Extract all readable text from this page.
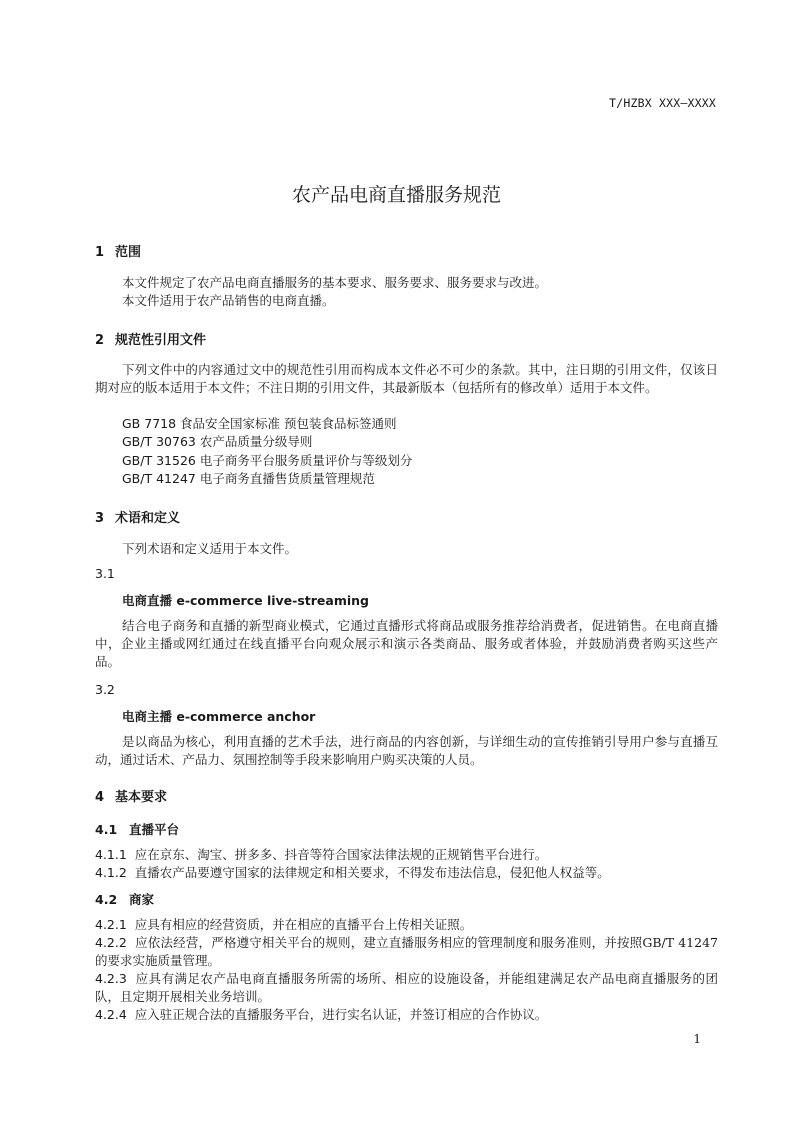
T/HZBX XXX—XXXX
农产品电商直播服务规范
1 范围
本文件规定了农产品电商直播服务的基本要求、服务要求、服务要求与改进。
本文件适用于农产品销售的电商直播。
2 规范性引用文件
下列文件中的内容通过文中的规范性引用而构成本文件必不可少的条款。其中，注日期的引用文件，仅该日期对应的版本适用于本文件；不注日期的引用文件，其最新版本（包括所有的修改单）适用于本文件。
GB 7718 食品安全国家标准 预包装食品标签通则
GB/T 30763 农产品质量分级导则
GB/T 31526 电子商务平台服务质量评价与等级划分
GB/T 41247 电子商务直播售货质量管理规范
3 术语和定义
下列术语和定义适用于本文件。
3.1
电商直播 e-commerce live-streaming
结合电子商务和直播的新型商业模式，它通过直播形式将商品或服务推荐给消费者，促进销售。在电商直播中，企业主播或网红通过在线直播平台向观众展示和演示各类商品、服务或者体验，并鼓励消费者购买这些产品。
3.2
电商主播 e-commerce anchor
是以商品为核心，利用直播的艺术手法，进行商品的内容创新，与详细生动的宣传推销引导用户参与直播互动，通过话术、产品力、氛围控制等手段来影响用户购买决策的人员。
4 基本要求
4.1 直播平台
4.1.1 应在京东、淘宝、拼多多、抖音等符合国家法律法规的正规销售平台进行。
4.1.2 直播农产品要遵守国家的法律规定和相关要求，不得发布违法信息，侵犯他人权益等。
4.2 商家
4.2.1 应具有相应的经营资质，并在相应的直播平台上传相关证照。
4.2.2 应依法经营，严格遵守相关平台的规则，建立直播服务相应的管理制度和服务准则，并按照GB/T 41247 的要求实施质量管理。
4.2.3 应具有满足农产品电商直播服务所需的场所、相应的设施设备，并能组建满足农产品电商直播服务的团队，且定期开展相关业务培训。
4.2.4 应入驻正规合法的直播服务平台，进行实名认证，并签订相应的合作协议。
1
